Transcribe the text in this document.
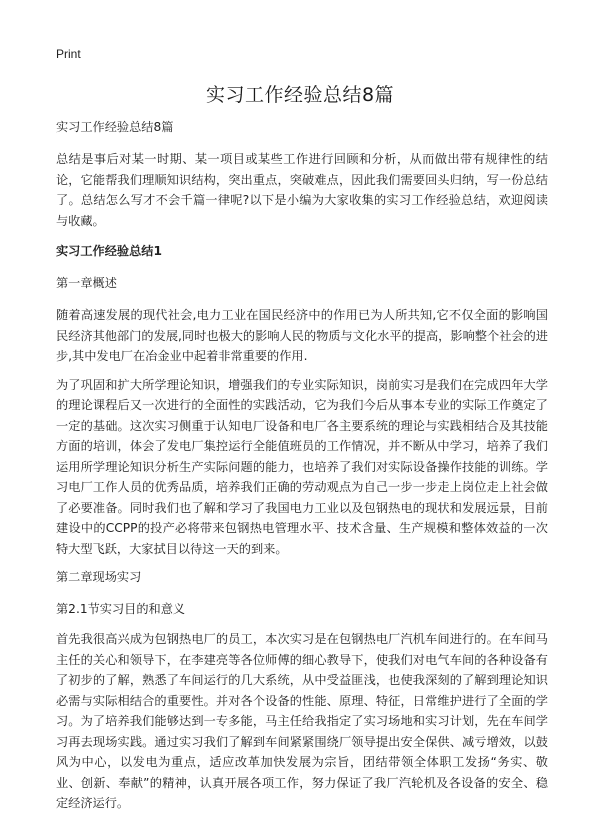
Print
实习工作经验总结8篇

实习工作经验总结8篇

总结是事后对某一时期、某一项目或某些工作进行回顾和分析，从而做出带有规律性的结论，它能帮我们理顺知识结构，突出重点，突破难点，因此我们需要回头归纳，写一份总结了。总结怎么写才不会千篇一律呢?以下是小编为大家收集的实习工作经验总结，欢迎阅读与收藏。

实习工作经验总结1

第一章概述

随着高速发展的现代社会,电力工业在国民经济中的作用已为人所共知,它不仅全面的影响国民经济其他部门的发展,同时也极大的影响人民的物质与文化水平的提高，影响整个社会的进步,其中发电厂在冶金业中起着非常重要的作用.

为了巩固和扩大所学理论知识，增强我们的专业实际知识，岗前实习是我们在完成四年大学的理论课程后又一次进行的全面性的实践活动，它为我们今后从事本专业的实际工作奠定了一定的基础。这次实习侧重于认知电厂设备和电厂各主要系统的理论与实践相结合及其技能方面的培训，体会了发电厂集控运行全能值班员的工作情况，并不断从中学习，培养了我们运用所学理论知识分析生产实际问题的能力，也培养了我们对实际设备操作技能的训练。学习电厂工作人员的优秀品质，培养我们正确的劳动观点为自己一步一步走上岗位走上社会做了必要准备。同时我们也了解和学习了我国电力工业以及包钢热电的现状和发展远景，目前建设中的CCPP的投产必将带来包钢热电管理水平、技术含量、生产规模和整体效益的一次特大型飞跃，大家拭目以待这一天的到来。

第二章现场实习

第2.1节实习目的和意义

首先我很高兴成为包钢热电厂的员工，本次实习是在包钢热电厂汽机车间进行的。在车间马主任的关心和领导下，在李建亮等各位师傅的细心教导下，使我们对电气车间的各种设备有了初步的了解，熟悉了车间运行的几大系统，从中受益匪浅，也使我深刻的了解到理论知识必需与实际相结合的重要性。并对各个设备的性能、原理、特征，日常维护进行了全面的学习。为了培养我们能够达到一专多能，马主任给我指定了实习场地和实习计划，先在车间学习再去现场实践。通过实习我们了解到车间紧紧围绕厂领导提出安全保供、减亏增效，以鼓风为中心，以发电为重点，适应改革加快发展为宗旨，团结带领全体职工发扬“务实、敬业、创新、奉献”的精神，认真开展各项工作，努力保证了我厂汽轮机及各设备的安全、稳定经济运行。
